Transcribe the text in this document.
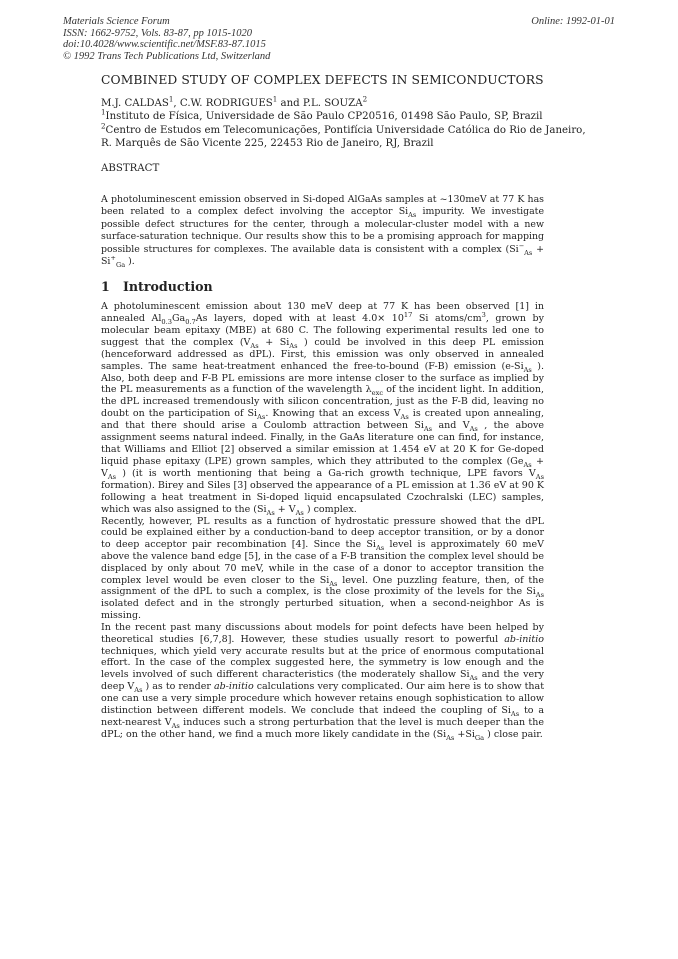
Materials Science Forum
ISSN: 1662-9752, Vols. 83-87, pp 1015-1020
doi:10.4028/www.scientific.net/MSF.83-87.1015
© 1992 Trans Tech Publications Ltd, Switzerland
Online: 1992-01-01
COMBINED STUDY OF COMPLEX DEFECTS IN SEMICONDUCTORS
M.J. CALDAS$^1$, C.W. RODRIGUES$^1$ and P.L. SOUZA$^2$
$^1$Instituto de Física, Universidade de São Paulo CP20516, 01498 São Paulo, SP, Brazil
$^2$Centro de Estudos em Telecomunicações, Pontifícia Universidade Católica do Rio de Janeiro,
R. Marquês de São Vicente 225, 22453 Rio de Janeiro, RJ, Brazil
ABSTRACT
A photoluminescent emission observed in Si-doped AlGaAs samples at ~130meV at 77 K has been related to a complex defect involving the acceptor $Si_{As}$ impurity. We investigate possible defect structures for the center, through a molecular-cluster model with a new surface-saturation technique. Our results show this to be a promising approach for mapping possible structures for complexes. The available data is consistent with a complex ($Si^-_{As} + Si^+_{Ga}$ ).
1 Introduction

A photoluminescent emission about 130 meV deep at 77 K has been observed [1] in annealed $Al_{0.3}Ga_{0.7}As$ layers, doped with at least $4.0\times 10^{17}$ Si atoms/$cm^3$, grown by molecular beam epitaxy (MBE) at 680 C. The following experimental results led one to suggest that the complex ($V_{As} + Si_{As}$ ) could be involved in this deep PL emission (henceforward addressed as dPL). First, this emission was only observed in annealed samples. The same heat-treatment enhanced the free-to-bound (F-B) emission ($e-Si_{As}$ ). Also, both deep and F-B PL emissions are more intense closer to the surface as implied by the PL measurements as a function of the wavelength $\lambda_{exc}$ of the incident light. In addition, the dPL increased tremendously with silicon concentration, just as the F-B did, leaving no doubt on the participation of $Si_{As}$. Knowing that an excess $V_{As}$ is created upon annealing, and that there should arise a Coulomb attraction between $Si_{As}$ and $V_{As}$ , the above assignment seems natural indeed. Finally, in the GaAs literature one can find, for instance, that Williams and Elliot [2] observed a similar emission at 1.454 eV at 20 K for Ge-doped liquid phase epitaxy (LPE) grown samples, which they attributed to the complex ($Ge_{As} + V_{As}$ ) (it is worth mentioning that being a Ga-rich growth technique, LPE favors $V_{As}$ formation). Birey and Siles [3] observed the appearance of a PL emission at 1.36 eV at 90 K following a heat treatment in Si-doped liquid encapsulated Czochralski (LEC) samples, which was also assigned to the ($Si_{As} + V_{As}$ ) complex.

Recently, however, PL results as a function of hydrostatic pressure showed that the dPL could be explained either by a conduction-band to deep acceptor transition, or by a donor to deep acceptor pair recombination [4]. Since the $Si_{As}$ level is approximately 60 meV above the valence band edge [5], in the case of a F-B transition the complex level should be displaced by only about 70 meV, while in the case of a donor to acceptor transition the complex level would be even closer to the $Si_{As}$ level. One puzzling feature, then, of the assignment of the dPL to such a complex, is the close proximity of the levels for the $Si_{As}$ isolated defect and in the strongly perturbed situation, when a second-neighbor As is missing.

In the recent past many discussions about models for point defects have been helped by theoretical studies [6,7,8]. However, these studies usually resort to powerful ab-initio techniques, which yield very accurate results but at the price of enormous computational effort. In the case of the complex suggested here, the symmetry is low enough and the levels involved of such different characteristics (the moderately shallow $Si_{As}$ and the very deep $V_{As}$ ) as to render ab-initio calculations very complicated. Our aim here is to show that one can use a very simple procedure which however retains enough sophistication to allow distinction between different models. We conclude that indeed the coupling of $Si_{As}$ to a next-nearest $V_{As}$ induces such a strong perturbation that the level is much deeper than the dPL; on the other hand, we find a much more likely candidate in the ($Si_{As} +Si_{Ga}$ ) close pair.
